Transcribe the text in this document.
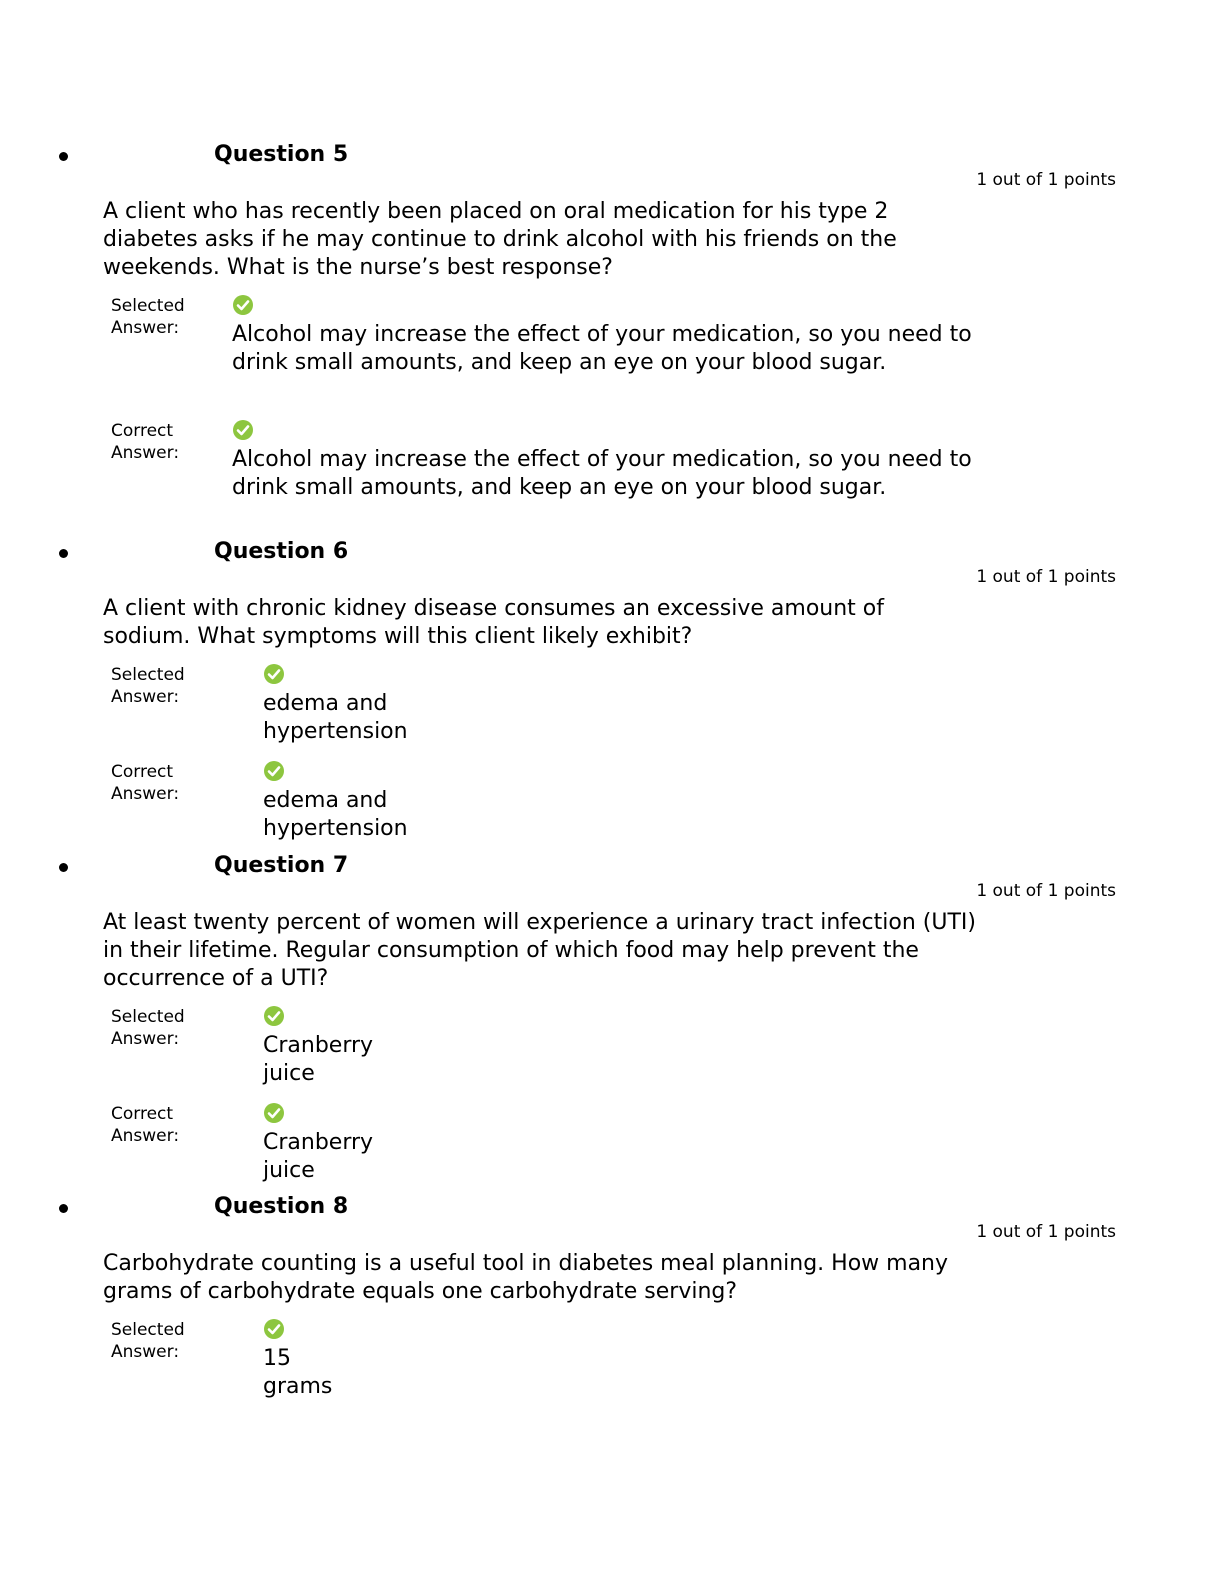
Question 5
1 out of 1 points
A client who has recently been placed on oral medication for his type 2 diabetes asks if he may continue to drink alcohol with his friends on the weekends. What is the nurse’s best response?
Selected Answer:	Alcohol may increase the effect of your medication, so you need to drink small amounts, and keep an eye on your blood sugar.
Correct Answer:	Alcohol may increase the effect of your medication, so you need to drink small amounts, and keep an eye on your blood sugar.
Question 6
1 out of 1 points
A client with chronic kidney disease consumes an excessive amount of sodium. What symptoms will this client likely exhibit?
Selected Answer:	edema and hypertension
Correct Answer:	edema and hypertension
Question 7
1 out of 1 points
At least twenty percent of women will experience a urinary tract infection (UTI) in their lifetime. Regular consumption of which food may help prevent the occurrence of a UTI?
Selected Answer:	Cranberry juice
Correct Answer:	Cranberry juice
Question 8
1 out of 1 points
Carbohydrate counting is a useful tool in diabetes meal planning. How many grams of carbohydrate equals one carbohydrate serving?
Selected Answer:	15 grams
